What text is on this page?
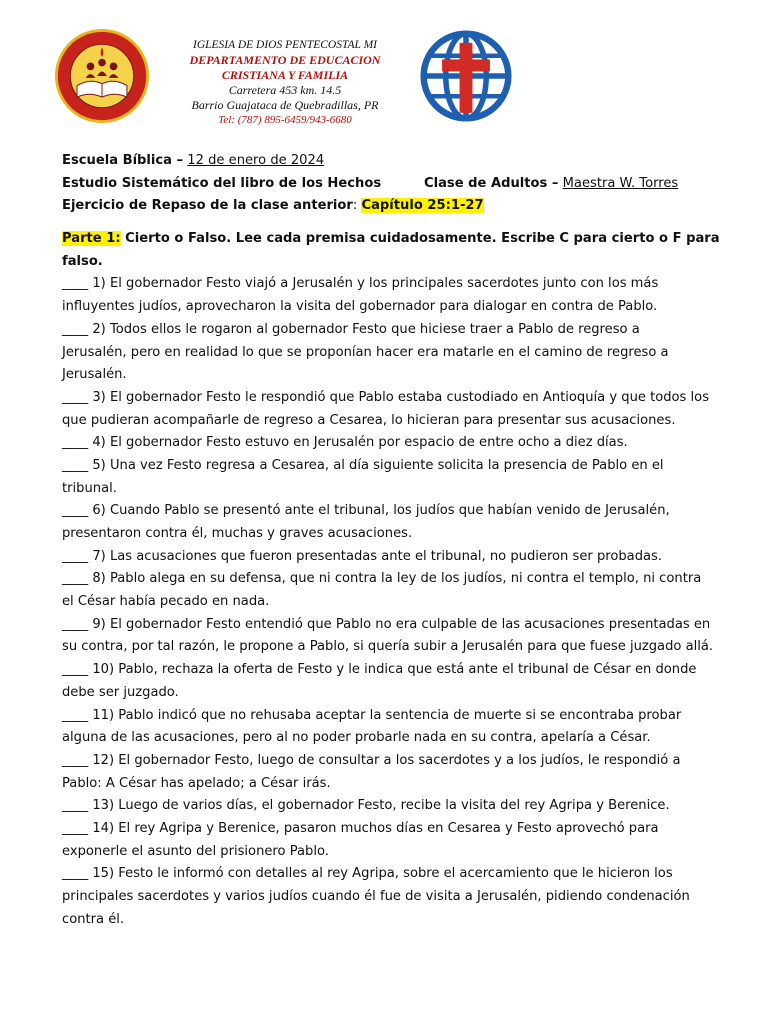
IGLESIA DE DIOS PENTECOSTAL MI
DEPARTAMENTO DE EDUCACION
CRISTIANA Y FAMILIA
Carretera 453 km. 14.5
Barrio Guajataca de Quebradillas, PR
Tel: (787) 895-6459/943-6680
Escuela Bíblica – 12 de enero de 2024
Estudio Sistemático del libro de los Hechos	Clase de Adultos – Maestra W. Torres
Ejercicio de Repaso de la clase anterior: Capítulo 25:1-27
Parte 1: Cierto o Falso. Lee cada premisa cuidadosamente. Escribe C para cierto o F para
falso.
____ 1) El gobernador Festo viajó a Jerusalén y los principales sacerdotes junto con los más
influyentes judíos, aprovecharon la visita del gobernador para dialogar en contra de Pablo.
____ 2) Todos ellos le rogaron al gobernador Festo que hiciese traer a Pablo de regreso a
Jerusalén, pero en realidad lo que se proponían hacer era matarle en el camino de regreso a
Jerusalén.
____ 3) El gobernador Festo le respondió que Pablo estaba custodiado en Antioquía y que todos los
que pudieran acompañarle de regreso a Cesarea, lo hicieran para presentar sus acusaciones.
____ 4) El gobernador Festo estuvo en Jerusalén por espacio de entre ocho a diez días.
____ 5) Una vez Festo regresa a Cesarea, al día siguiente solicita la presencia de Pablo en el
tribunal.
____ 6) Cuando Pablo se presentó ante el tribunal, los judíos que habían venido de Jerusalén,
presentaron contra él, muchas y graves acusaciones.
____ 7) Las acusaciones que fueron presentadas ante el tribunal, no pudieron ser probadas.
____ 8) Pablo alega en su defensa, que ni contra la ley de los judíos, ni contra el templo, ni contra
el César había pecado en nada.
____ 9) El gobernador Festo entendió que Pablo no era culpable de las acusaciones presentadas en
su contra, por tal razón, le propone a Pablo, si quería subir a Jerusalén para que fuese juzgado allá.
____ 10) Pablo, rechaza la oferta de Festo y le indica que está ante el tribunal de César en donde
debe ser juzgado.
____ 11) Pablo indicó que no rehusaba aceptar la sentencia de muerte si se encontraba probar
alguna de las acusaciones, pero al no poder probarle nada en su contra, apelaría a César.
____ 12) El gobernador Festo, luego de consultar a los sacerdotes y a los judíos, le respondió a
Pablo: A César has apelado; a César irás.
____ 13) Luego de varios días, el gobernador Festo, recibe la visita del rey Agripa y Berenice.
____ 14) El rey Agripa y Berenice, pasaron muchos días en Cesarea y Festo aprovechó para
exponerle el asunto del prisionero Pablo.
____ 15) Festo le informó con detalles al rey Agripa, sobre el acercamiento que le hicieron los
principales sacerdotes y varios judíos cuando él fue de visita a Jerusalén, pidiendo condenación
contra él.
